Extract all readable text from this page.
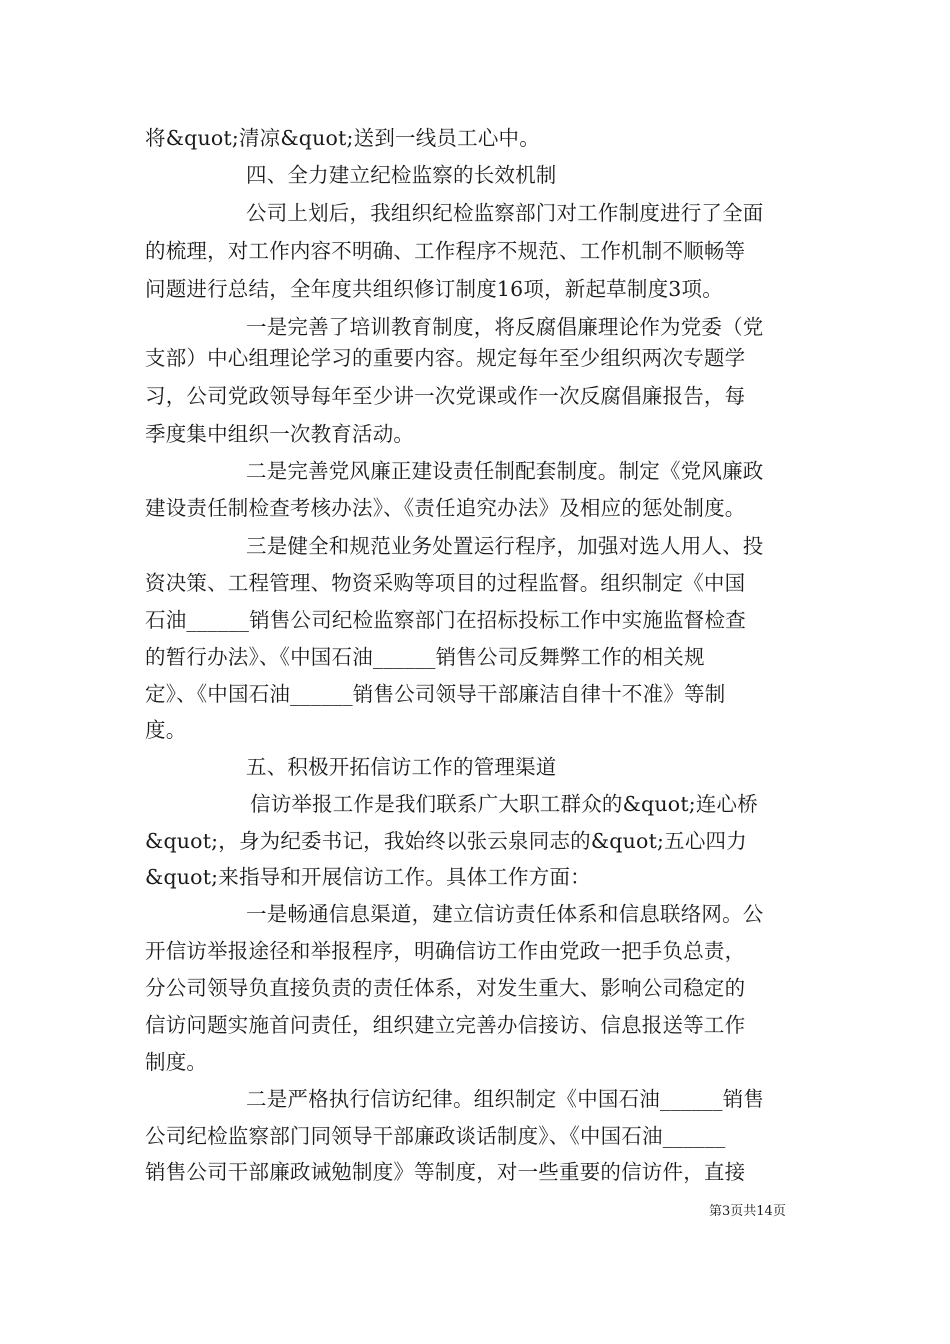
将&quot;清凉&quot;送到一线员工心中。
四、全力建立纪检监察的长效机制
公司上划后，我组织纪检监察部门对工作制度进行了全面
的梳理，对工作内容不明确、工作程序不规范、工作机制不顺畅等
问题进行总结，全年度共组织修订制度16项，新起草制度3项。
一是完善了培训教育制度，将反腐倡廉理论作为党委（党
支部）中心组理论学习的重要内容。规定每年至少组织两次专题学
习，公司党政领导每年至少讲一次党课或作一次反腐倡廉报告，每
季度集中组织一次教育活动。
二是完善党风廉正建设责任制配套制度。制定《党风廉政
建设责任制检查考核办法》、《责任追究办法》及相应的惩处制度。
三是健全和规范业务处置运行程序，加强对选人用人、投
资决策、工程管理、物资采购等项目的过程监督。组织制定《中国
石油______销售公司纪检监察部门在招标投标工作中实施监督检查
的暂行办法》、《中国石油______销售公司反舞弊工作的相关规
定》、《中国石油______销售公司领导干部廉洁自律十不准》等制
度。
五、积极开拓信访工作的管理渠道
信访举报工作是我们联系广大职工群众的&quot;连心桥
&quot;，身为纪委书记，我始终以张云泉同志的&quot;五心四力
&quot;来指导和开展信访工作。具体工作方面：
一是畅通信息渠道，建立信访责任体系和信息联络网。公
开信访举报途径和举报程序，明确信访工作由党政一把手负总责，
分公司领导负直接负责的责任体系，对发生重大、影响公司稳定的
信访问题实施首问责任，组织建立完善办信接访、信息报送等工作
制度。
二是严格执行信访纪律。组织制定《中国石油______销售
公司纪检监察部门同领导干部廉政谈话制度》、《中国石油______
销售公司干部廉政诫勉制度》等制度，对一些重要的信访件，直接
第3页共14页
